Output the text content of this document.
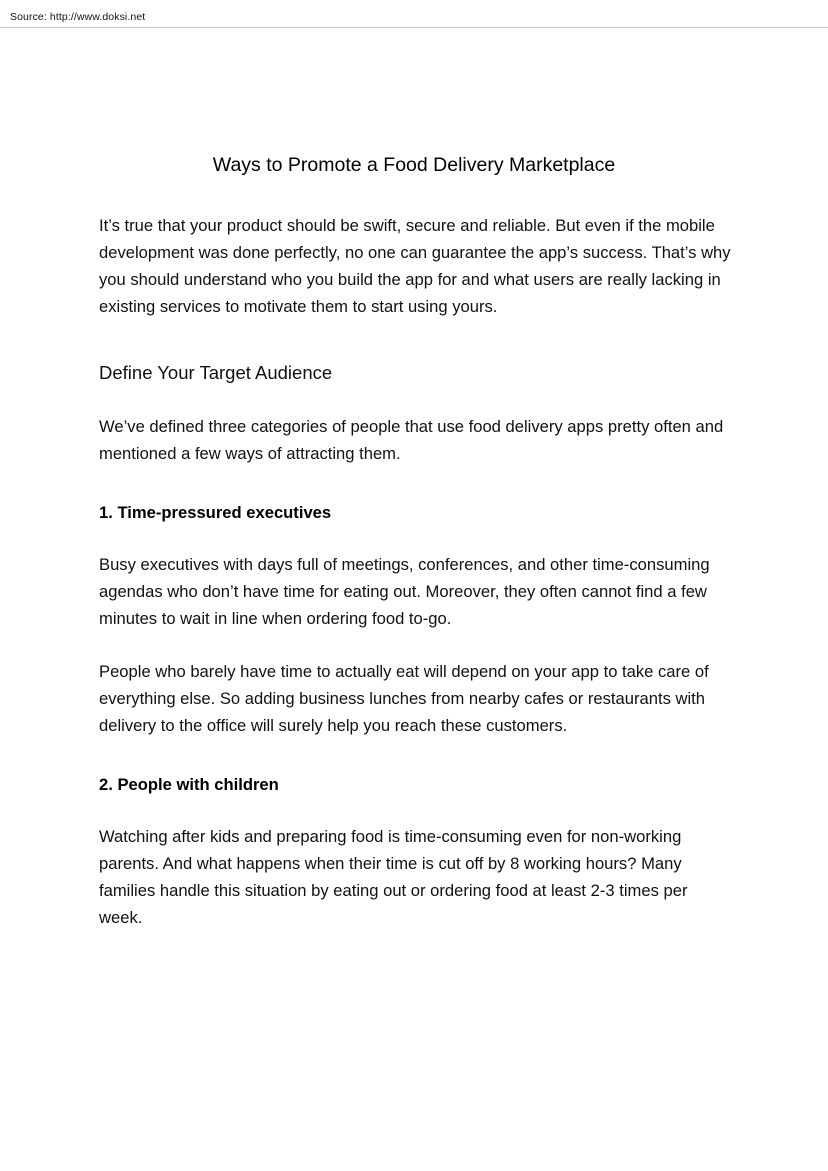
Source: http://www.doksi.net
Ways to Promote a Food Delivery Marketplace

It’s true that your product should be swift, secure and reliable. But even if the mobile development was done perfectly, no one can guarantee the app’s success. That’s why you should understand who you build the app for and what users are really lacking in existing services to motivate them to start using yours.

Define Your Target Audience

We’ve defined three categories of people that use food delivery apps pretty often and mentioned a few ways of attracting them.

1. Time-pressured executives

Busy executives with days full of meetings, conferences, and other time-consuming agendas who don’t have time for eating out. Moreover, they often cannot find a few minutes to wait in line when ordering food to-go.

People who barely have time to actually eat will depend on your app to take care of everything else. So adding business lunches from nearby cafes or restaurants with delivery to the office will surely help you reach these customers.

2. People with children

Watching after kids and preparing food is time-consuming even for non-working parents. And what happens when their time is cut off by 8 working hours? Many families handle this situation by eating out or ordering food at least 2-3 times per week.
